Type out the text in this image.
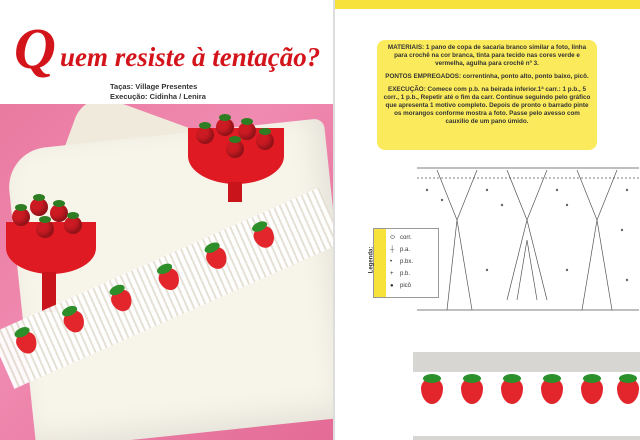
Q uem resiste à tentação?
Taças: Village Presentes
Execução: Cidinha / Lenira

MATERIAIS: 1 pano de copa de sacaria branco similar a foto, linha para crochê na cor branca, tinta para tecido nas cores verde e vermelha, agulha para crochê nº 3.

PONTOS EMPREGADOS: correntinha, ponto alto, ponto baixo, picô.

EXECUÇÃO: Comece com p.b. na beirada inferior.1ª carr.: 1 p.b., 5 corr., 1 p.b., Repetir até o fim da carr. Continue seguindo pelo gráfico que apresenta 1 motivo completo. Depois de pronto o barrado pinte os morangos conforme mostra a foto. Passe pelo avesso com cauxilio de um pano úmido.

Legenda:
⬭ corr.
┼ p.a.
• p.bx.
+ p.b.
● picô
